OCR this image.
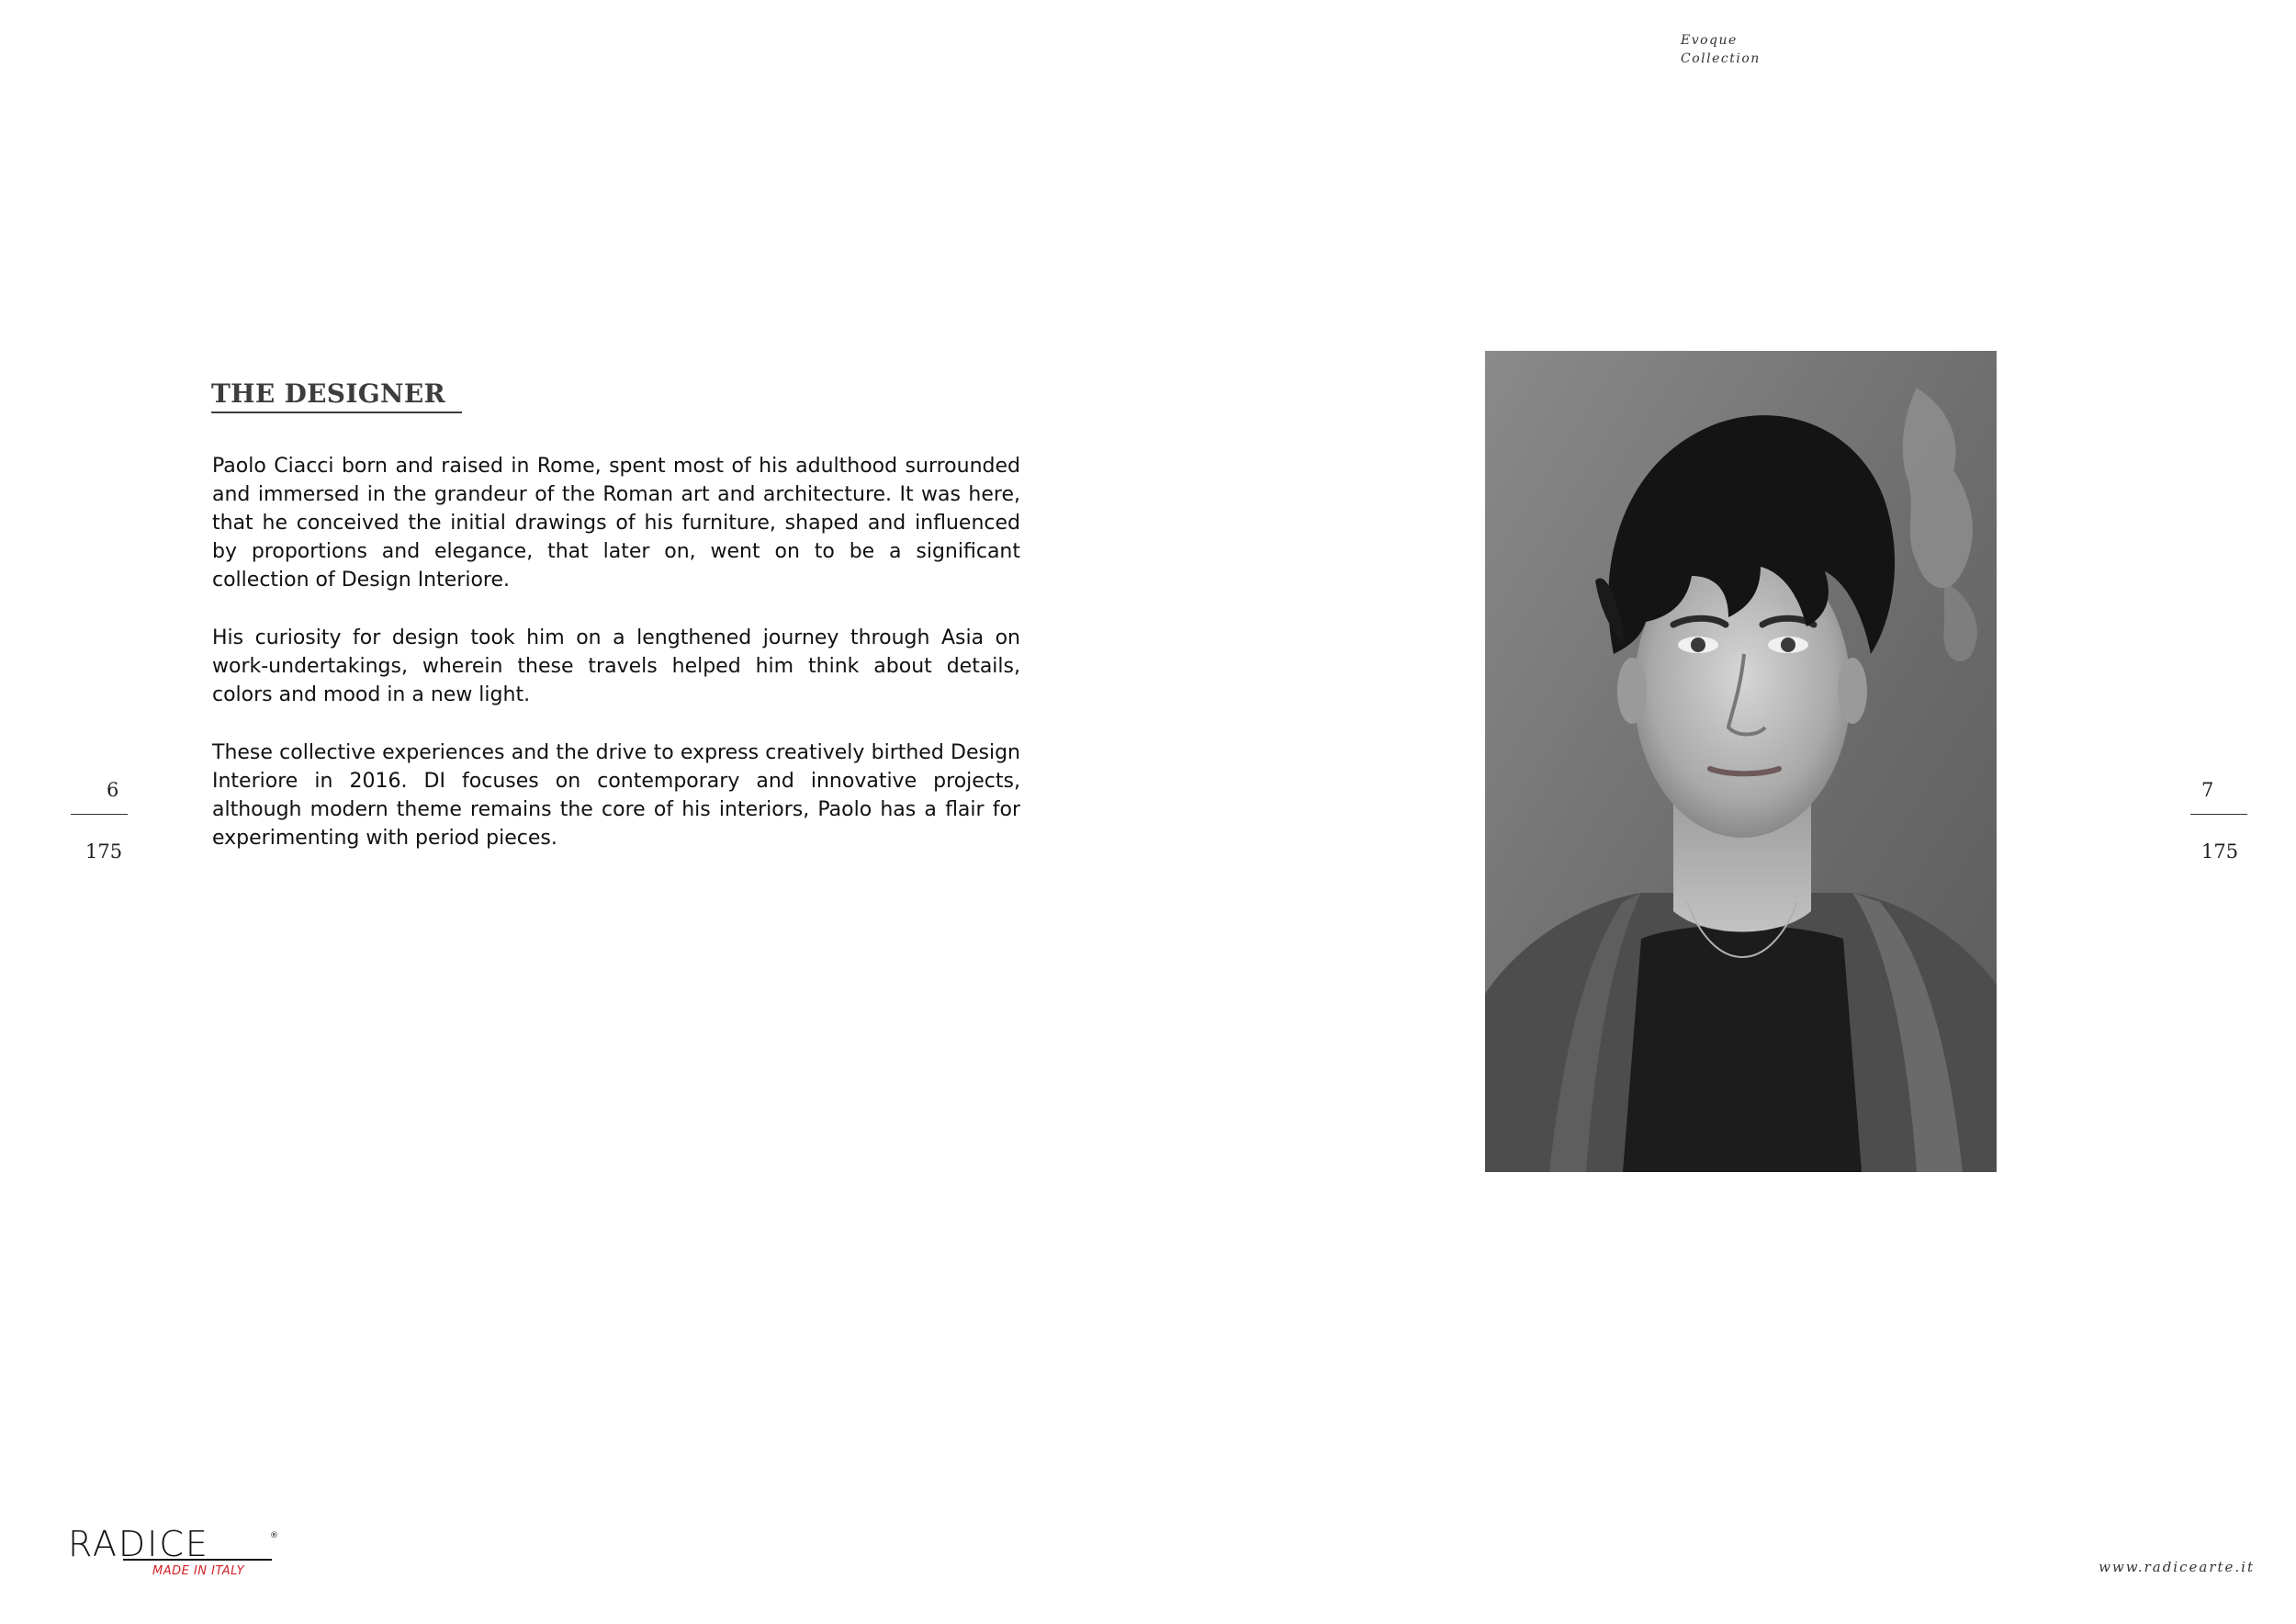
Evoque
Collection
THE DESIGNER

Paolo Ciacci born and raised in Rome, spent most of his adulthood surrounded and immersed in the grandeur of the Roman art and architecture. It was here, that he conceived the initial drawings of his furniture, shaped and influenced by proportions and elegance, that later on, went on to be a significant collection of Design Interiore.

His curiosity for design took him on a lengthened journey through Asia on work-undertakings, wherein these travels helped him think about details, colors and mood in a new light.

These collective experiences and the drive to express creatively birthed Design Interiore in 2016. DI focuses on contemporary and innovative projects, although modern theme remains the core of his interiors, Paolo has a flair for experimenting with period pieces.

6
175
7
175
RADICE	®
MADE IN ITALY	www.radicearte.it
